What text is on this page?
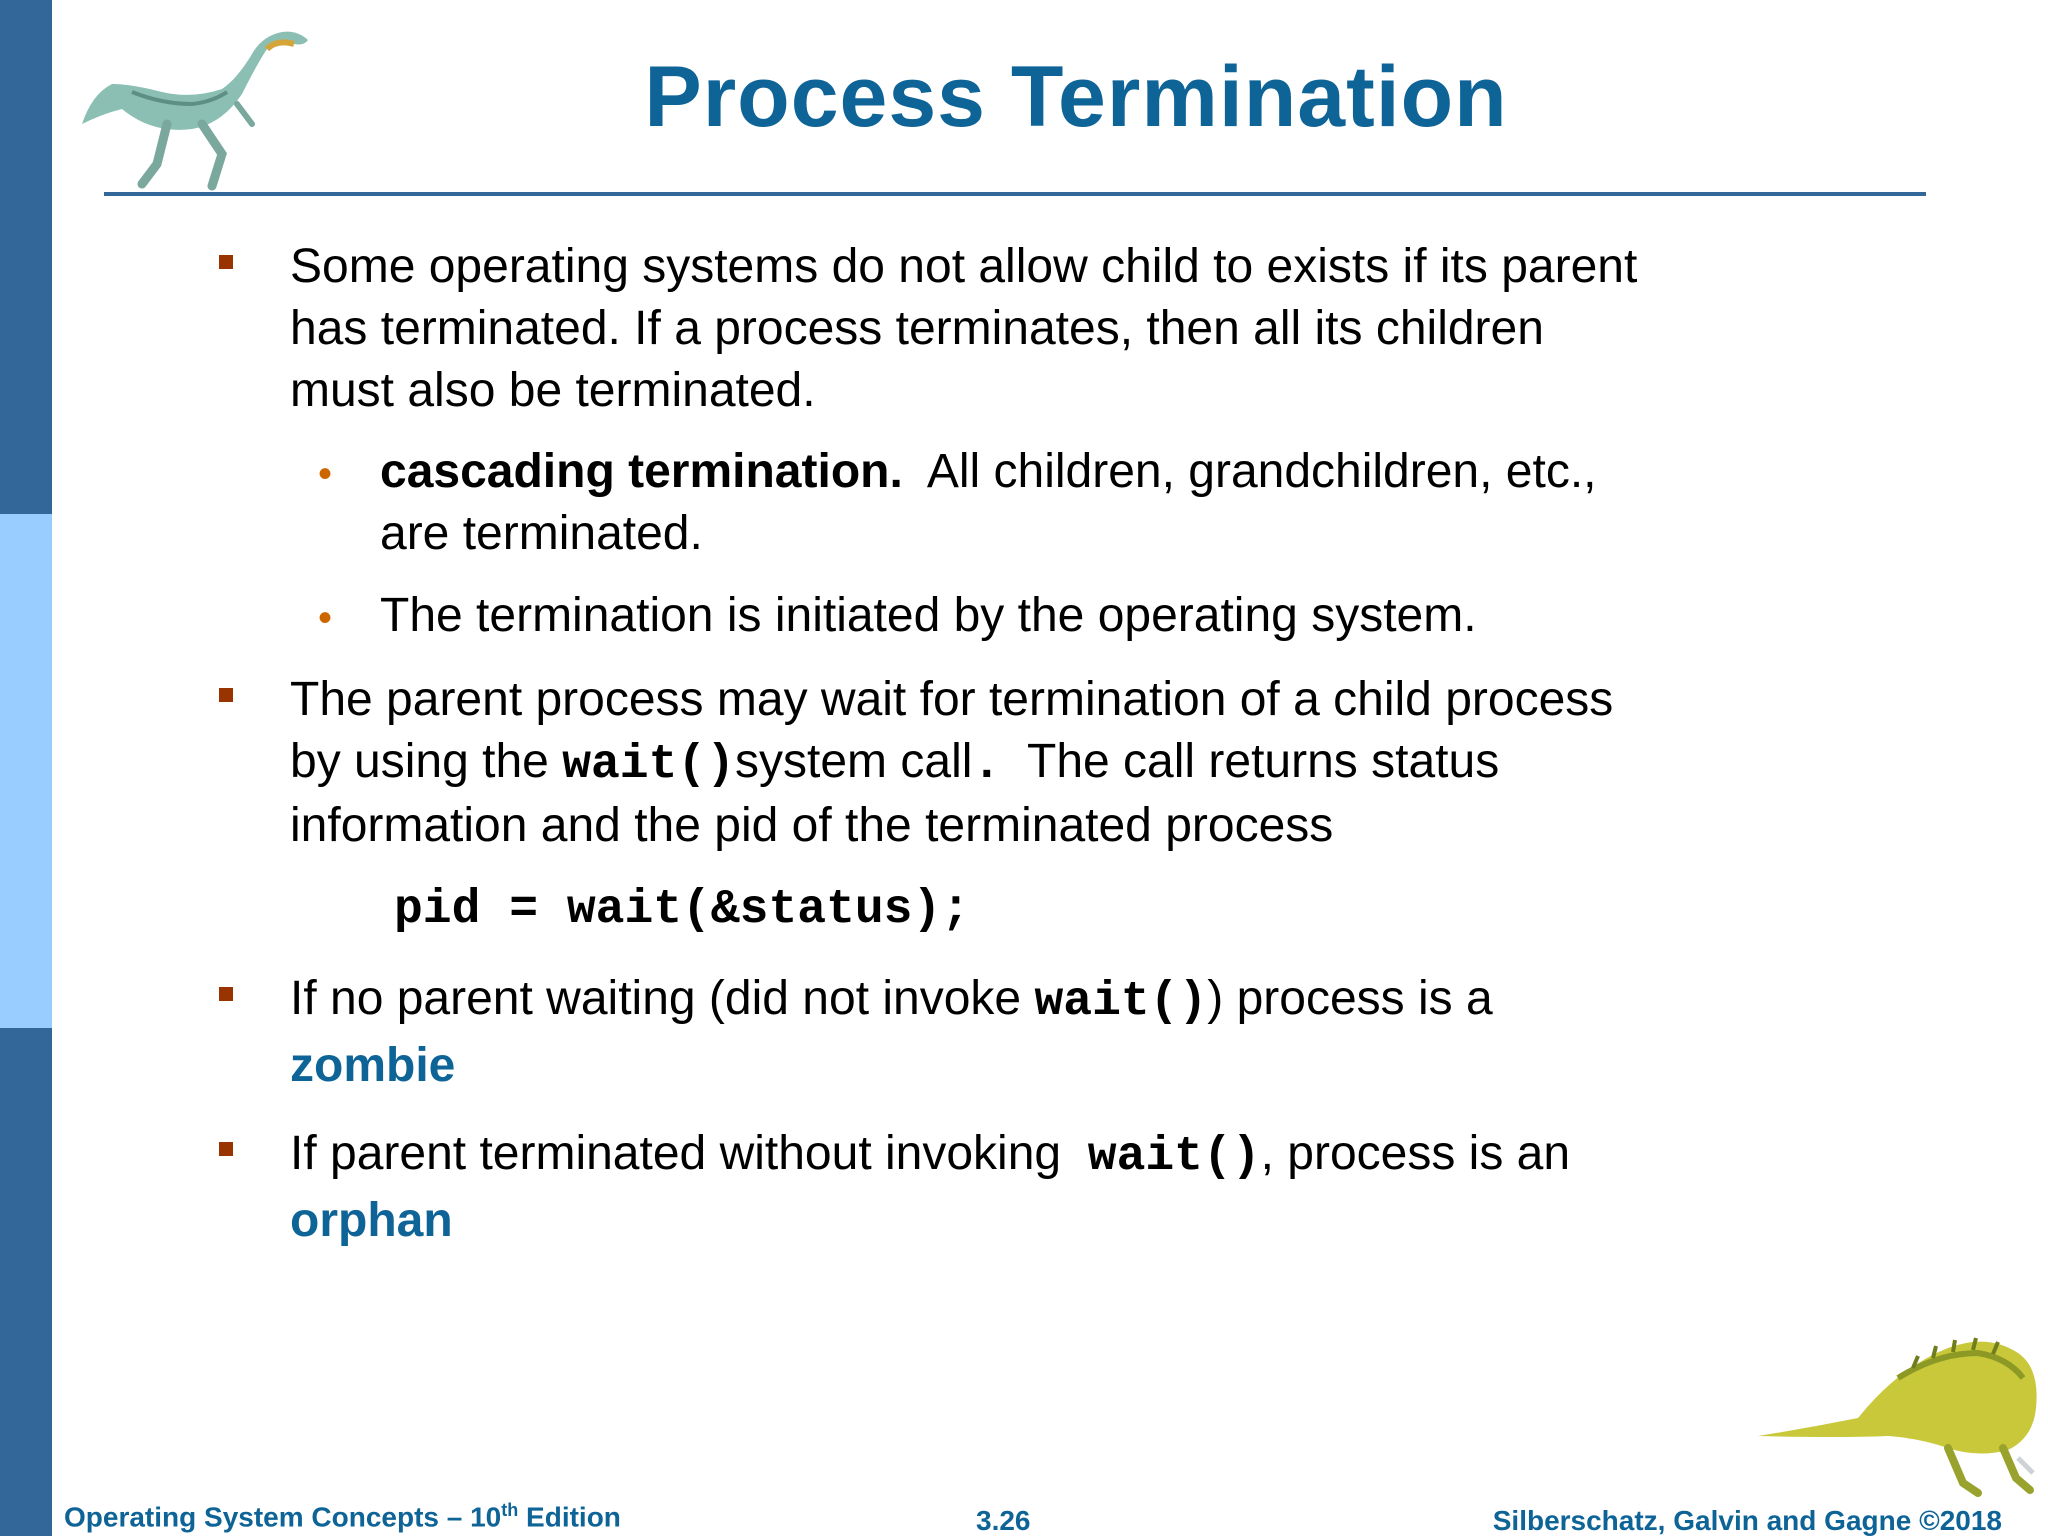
Process Termination
Some operating systems do not allow child to exists if its parent
has terminated. If a process terminates, then all its children
must also be terminated.
• cascading termination.  All children, grandchildren, etc.,
are terminated.
• The termination is initiated by the operating system.
The parent process may wait for termination of a child process
by using the wait()system call.  The call returns status
information and the pid of the terminated process
pid = wait(&status);
If no parent waiting (did not invoke wait()) process is a
zombie
If parent terminated without invoking  wait(), process is an
orphan
Operating System Concepts – 10th Edition	3.26	Silberschatz, Galvin and Gagne ©2018
